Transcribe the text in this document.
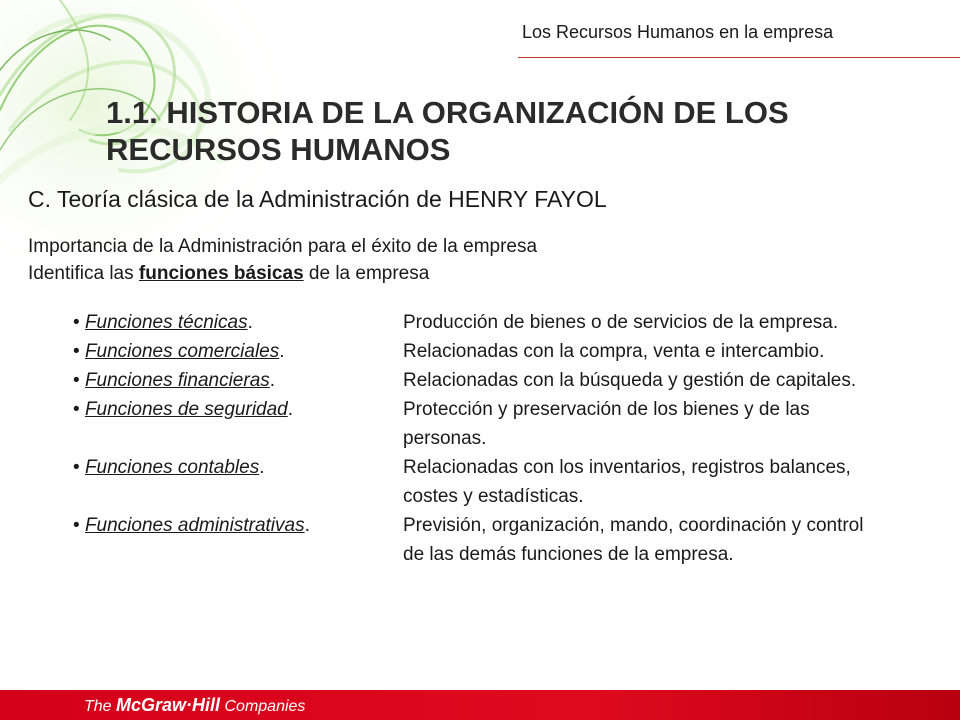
Los Recursos Humanos en la empresa
1.1. HISTORIA DE LA ORGANIZACIÓN DE LOS
RECURSOS HUMANOS
C. Teoría clásica de la Administración de HENRY FAYOL
Importancia de la Administración para el éxito de la empresa
Identifica las funciones básicas de la empresa
• Funciones técnicas.	Producción de bienes o de servicios de la empresa.
• Funciones comerciales.	Relacionadas con la compra, venta e intercambio.
• Funciones financieras.	Relacionadas con la búsqueda y gestión de capitales.
• Funciones de seguridad.	Protección y preservación de los bienes y de las personas.
• Funciones contables.	Relacionadas con los inventarios, registros balances, costes y estadísticas.
• Funciones administrativas.	Previsión, organización, mando, coordinación y control de las demás funciones de la empresa.
The McGraw·Hill Companies
